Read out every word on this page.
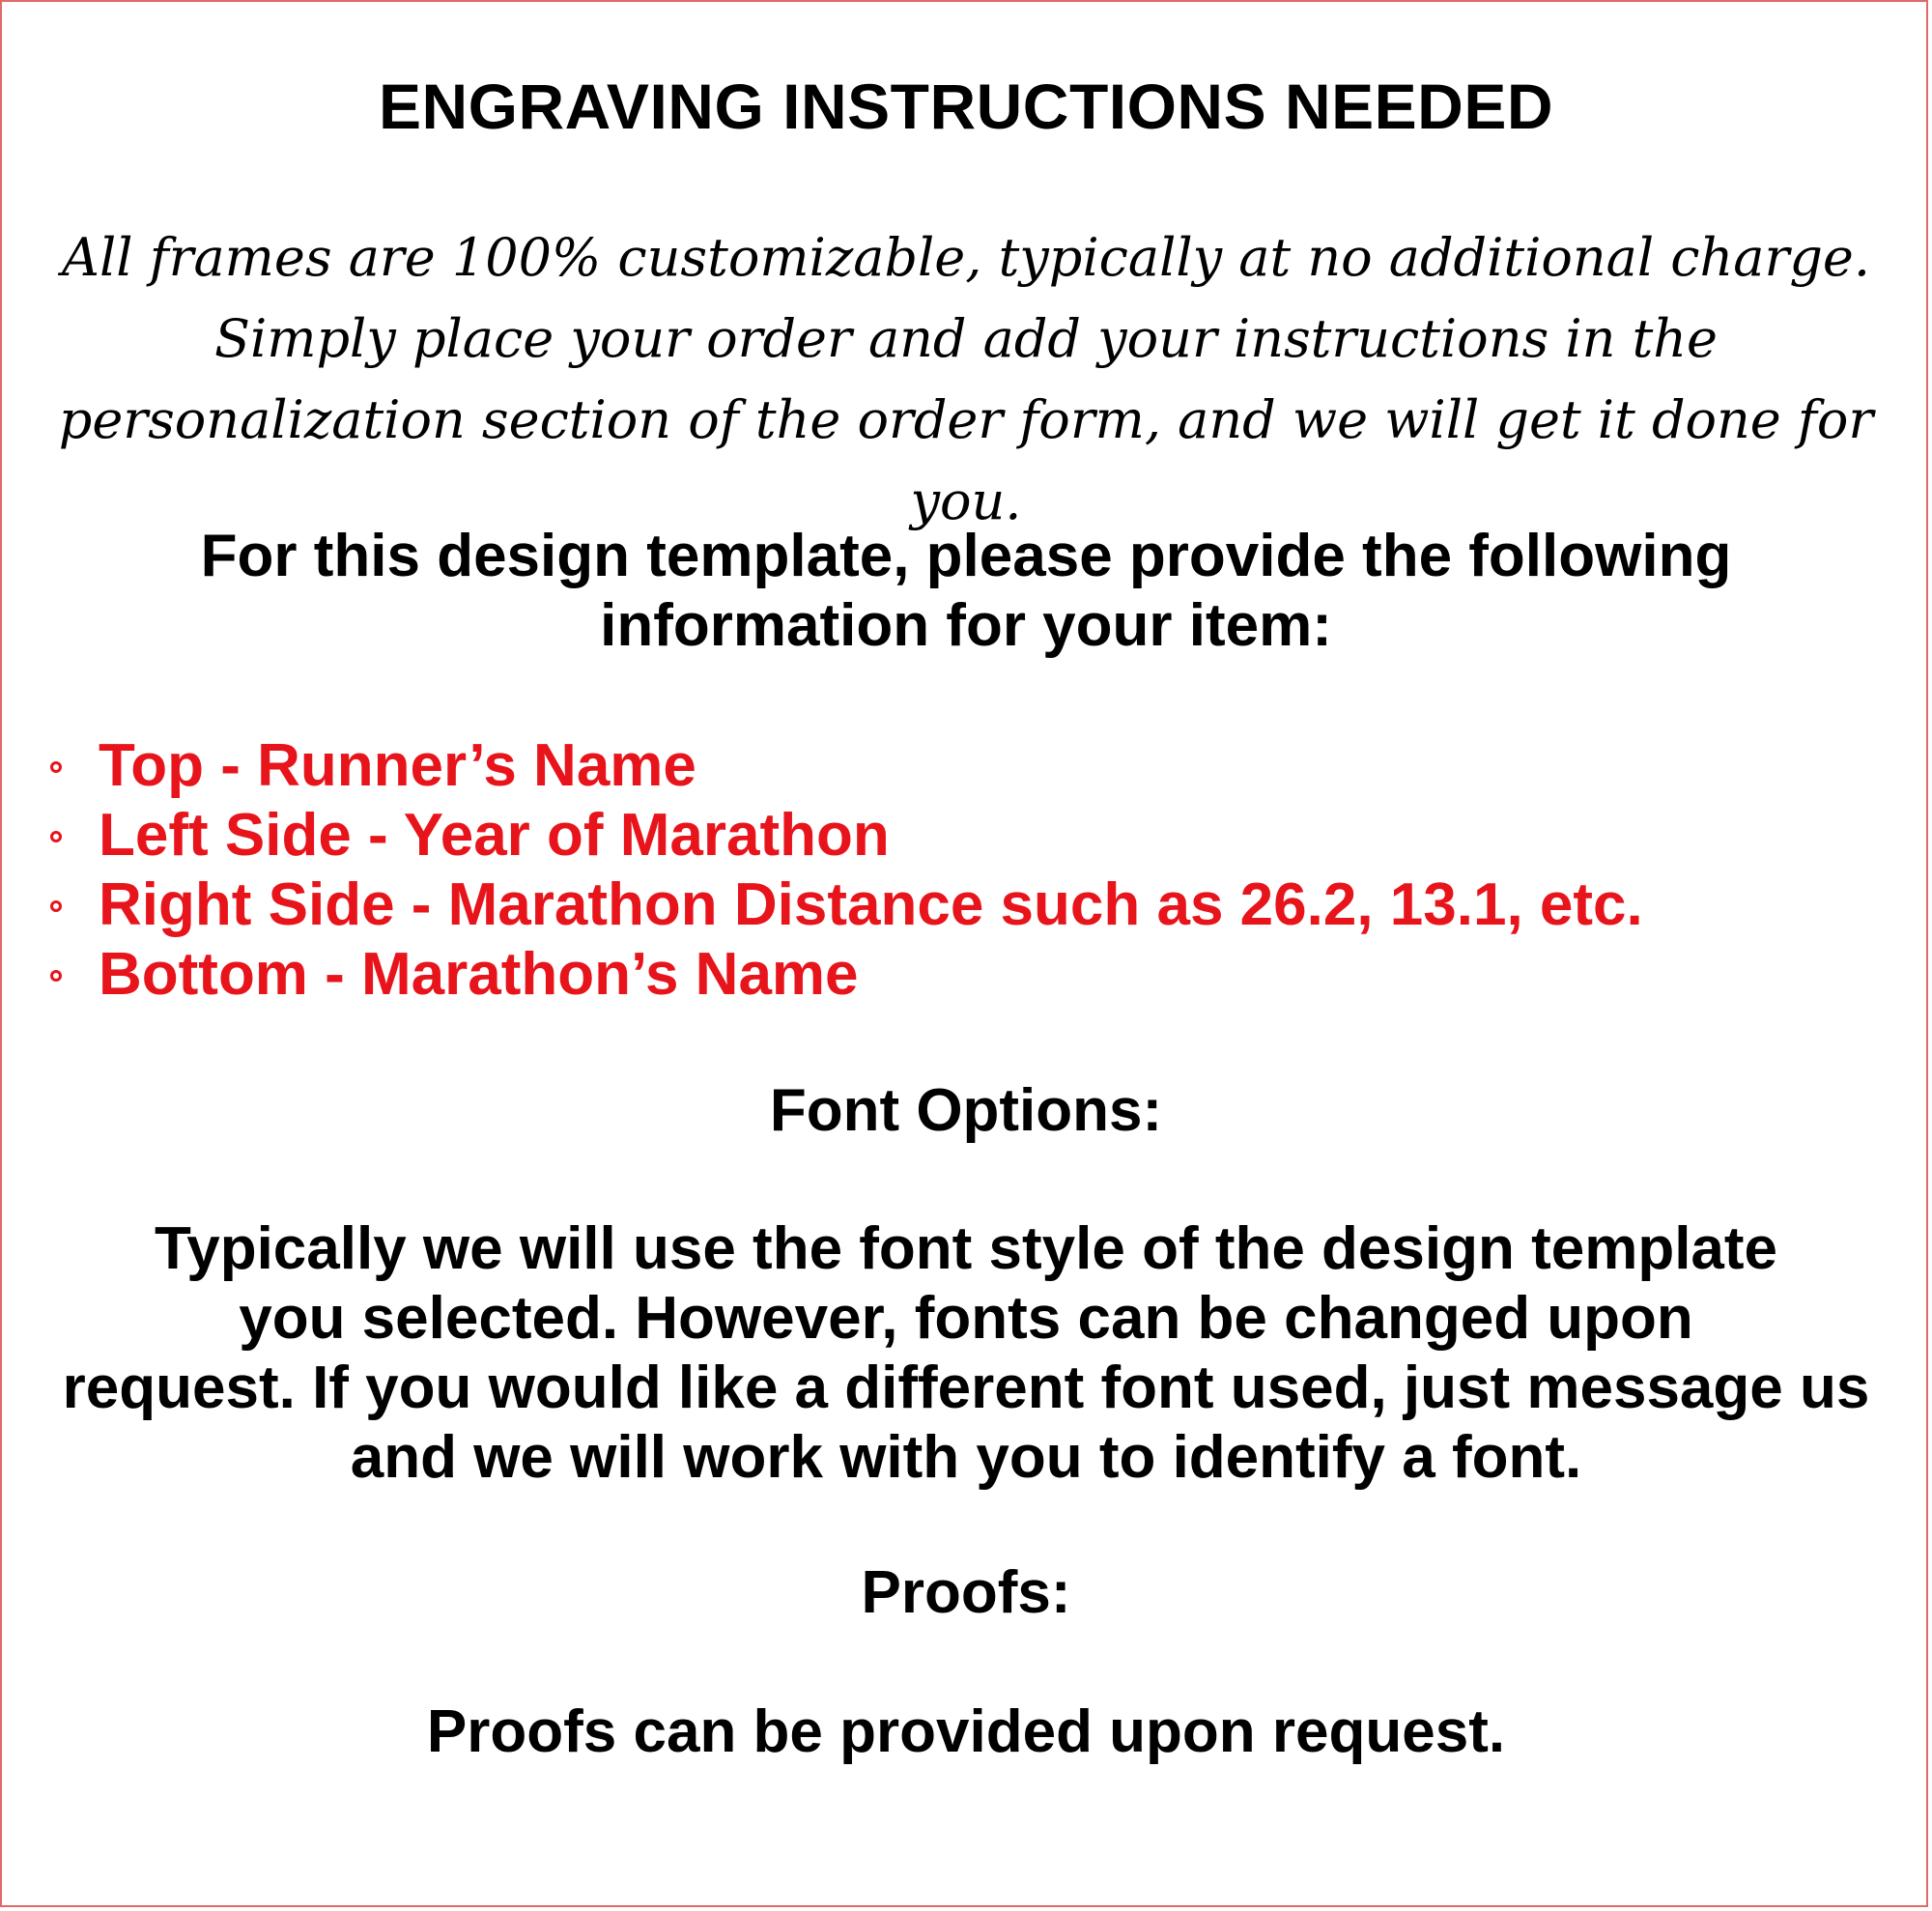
ENGRAVING INSTRUCTIONS NEEDED
All frames are 100% customizable, typically at no additional charge.
Simply place your order and add your instructions in the
personalization section of the order form, and we will get it done for you.
For this design template, please provide the following
information for your item:
Top - Runner’s Name
Left Side - Year of Marathon
Right Side - Marathon Distance such as 26.2, 13.1, etc.
Bottom - Marathon’s Name
Font Options:
Typically we will use the font style of the design template
you selected. However, fonts can be changed upon
request. If you would like a different font used, just message us
and we will work with you to identify a font.
Proofs:

Proofs can be provided upon request.
